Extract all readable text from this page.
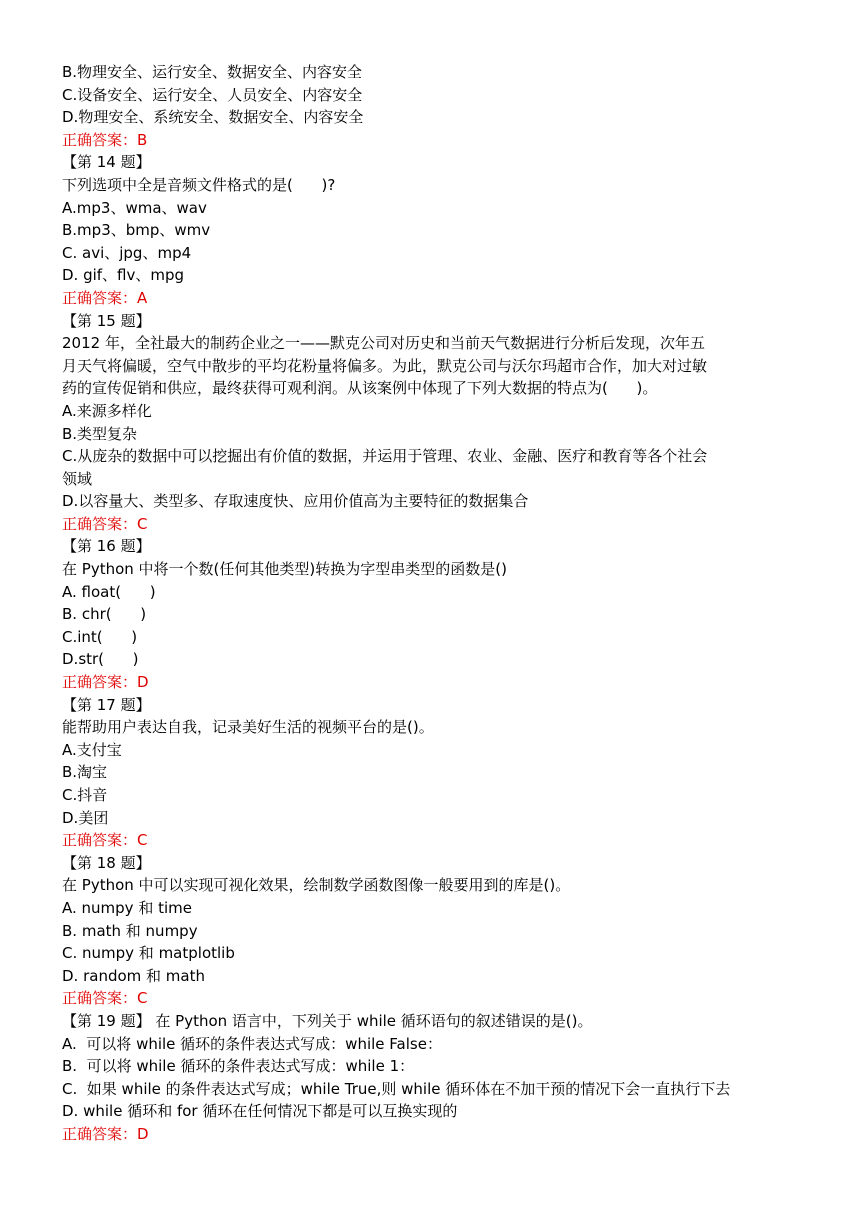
B.物理安全、运行安全、数据安全、内容安全

C.设备安全、运行安全、人员安全、内容安全

D.物理安全、系统安全、数据安全、内容安全

正确答案：B

【第 14 题】

下列选项中全是音频文件格式的是(      )?

A.mp3、wma、wav

B.mp3、bmp、wmv

C. avi、jpg、mp4

D. gif、flv、mpg

正确答案：A

【第 15 题】

2012 年，全社最大的制药企业之一——默克公司对历史和当前天气数据进行分析后发现，次年五

月天气将偏暖，空气中散步的平均花粉量将偏多。为此，默克公司与沃尔玛超市合作，加大对过敏

药的宣传促销和供应，最终获得可观利润。从该案例中体现了下列大数据的特点为(      )。

A.来源多样化

B.类型复杂

C.从庞杂的数据中可以挖掘出有价值的数据，并运用于管理、农业、金融、医疗和教育等各个社会

领域

D.以容量大、类型多、存取速度快、应用价值高为主要特征的数据集合

正确答案：C

【第 16 题】

在 Python 中将一个数(任何其他类型)转换为字型串类型的函数是()

A. float(      )

B. chr(      )

C.int(      )

D.str(      )

正确答案：D

【第 17 题】

能帮助用户表达自我，记录美好生活的视频平台的是()。

A.支付宝

B.淘宝

C.抖音

D.美团

正确答案：C

【第 18 题】

在 Python 中可以实现可视化效果，绘制数学函数图像一般要用到的库是()。

A. numpy 和 time

B. math 和 numpy

C. numpy 和 matplotlib

D. random 和 math

正确答案：C

【第 19 题】 在 Python 语言中，下列关于 while 循环语句的叙述错误的是()。

A.  可以将 while 循环的条件表达式写成：while False：

B.  可以将 while 循环的条件表达式写成：while 1：

C.  如果 while 的条件表达式写成；while True,则 while 循环体在不加干预的情况下会一直执行下去

D. while 循环和 for 循环在任何情况下都是可以互换实现的

正确答案：D
